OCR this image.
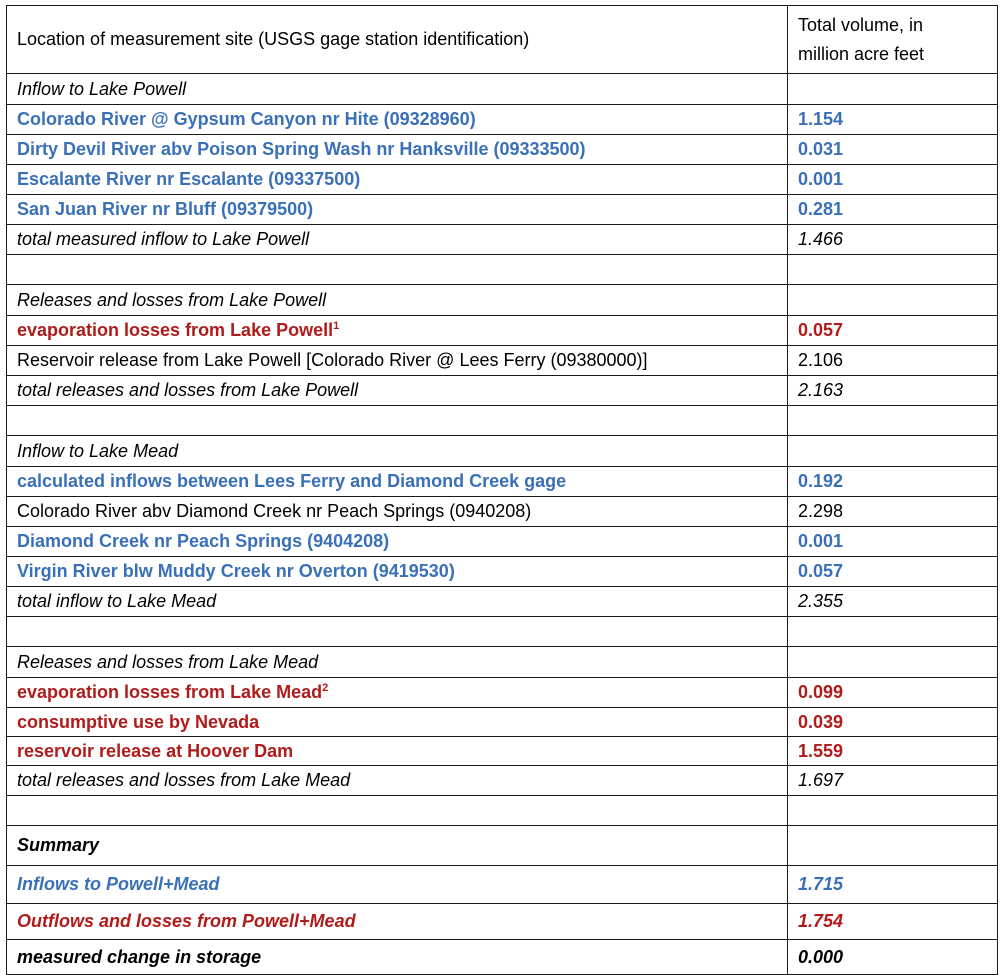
Location of measurement site (USGS gage station identification)	Total volume, in
million acre feet
Inflow to Lake Powell	
Colorado River @ Gypsum Canyon nr Hite (09328960)	1.154
Dirty Devil River abv Poison Spring Wash nr Hanksville (09333500)	0.031
Escalante River nr Escalante (09337500)	0.001
San Juan River nr Bluff (09379500)	0.281
total measured inflow to Lake Powell	1.466

Releases and losses from Lake Powell	
evaporation losses from Lake Powell$^1$	0.057
Reservoir release from Lake Powell [Colorado River @ Lees Ferry (09380000)]	2.106
total releases and losses from Lake Powell	2.163

Inflow to Lake Mead	
calculated inflows between Lees Ferry and Diamond Creek gage	0.192
Colorado River abv Diamond Creek nr Peach Springs (0940208)	2.298
Diamond Creek nr Peach Springs (9404208)	0.001
Virgin River blw Muddy Creek nr Overton (9419530)	0.057
total inflow to Lake Mead	2.355

Releases and losses from Lake Mead	
evaporation losses from Lake Mead$^2$	0.099
consumptive use by Nevada	0.039
reservoir release at Hoover Dam	1.559
total releases and losses from Lake Mead	1.697

Summary	
Inflows to Powell+Mead	1.715
Outflows and losses from Powell+Mead	1.754
measured change in storage	0.000
